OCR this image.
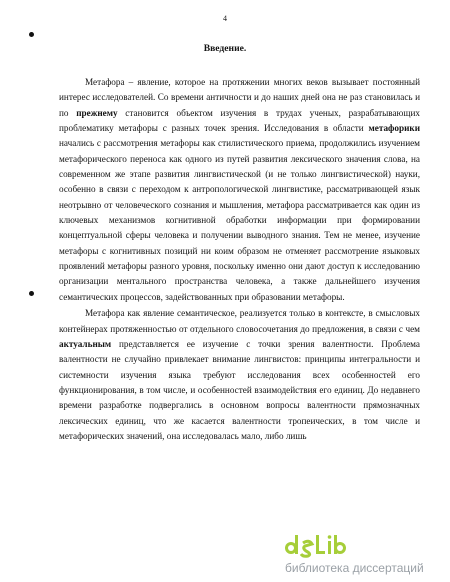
4
Введение.

Метафора – явление, которое на протяжении многих веков вызывает постоянный интерес исследователей. Со времени античности и до наших дней она не раз становилась и по прежнему становится объектом изучения в трудах ученых, разрабатывающих проблематику метафоры с разных точек зрения. Исследования в области метафорики начались с рассмотрения метафоры как стилистического приема, продолжились изучением метафорического переноса как одного из путей развития лексического значения слова, на современном же этапе развития лингвистической (и не только лингвистической) науки, особенно в связи с переходом к антропологической лингвистике, рассматривающей язык неотрывно от человеческого сознания и мышления, метафора рассматривается как один из ключевых механизмов когнитивной обработки информации при формировании концептуальной сферы человека и получении выводного знания. Тем не менее, изучение метафоры с когнитивных позиций ни коим образом не отменяет рассмотрение языковых проявлений метафоры разного уровня, поскольку именно они дают доступ к исследованию организации ментального пространства человека, а также дальнейшего изучения семантических процессов, задействованных при образовании метафоры.

Метафора как явление семантическое, реализуется только в контексте, в смысловых контейнерах протяженностью от отдельного словосочетания до предложения, в связи с чем актуальным представляется ее изучение с точки зрения валентности. Проблема валентности не случайно привлекает внимание лингвистов: принципы интегральности и системности изучения языка требуют исследования всех особенностей его функционирования, в том числе, и особенностей взаимодействия его единиц. До недавнего времени разработке подвергались в основном вопросы валентности прямозначных лексических единиц, что же касается валентности тропеических, в том числе и метафорических значений, она исследовалась мало, либо лишь

библиотека диссертаций
